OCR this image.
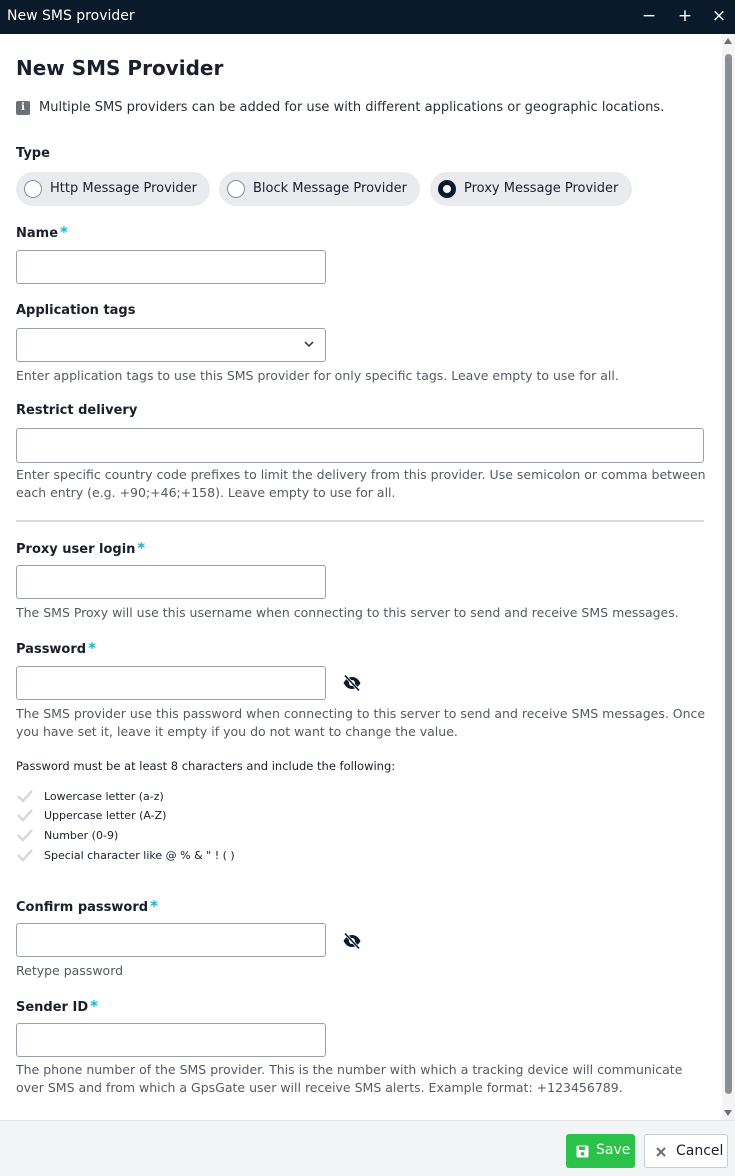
New SMS provider	− + ×
New SMS Provider
i	Multiple SMS providers can be added for use with different applications or geographic locations.
Type
Http Message Provider	Block Message Provider	Proxy Message Provider
Name *
Application tags
Enter application tags to use this SMS provider for only specific tags. Leave empty to use for all.
Restrict delivery
Enter specific country code prefixes to limit the delivery from this provider. Use semicolon or comma between
each entry (e.g. +90;+46;+158). Leave empty to use for all.
Proxy user login *
The SMS Proxy will use this username when connecting to this server to send and receive SMS messages.
Password *
The SMS provider use this password when connecting to this server to send and receive SMS messages. Once
you have set it, leave it empty if you do not want to change the value.
Password must be at least 8 characters and include the following:
Lowercase letter (a-z)
Uppercase letter (A-Z)
Number (0-9)
Special character like @ % & " ! ( )
Confirm password *
Retype password
Sender ID *
The phone number of the SMS provider. This is the number with which a tracking device will communicate
over SMS and from which a GpsGate user will receive SMS alerts. Example format: +123456789.
Save	Cancel
